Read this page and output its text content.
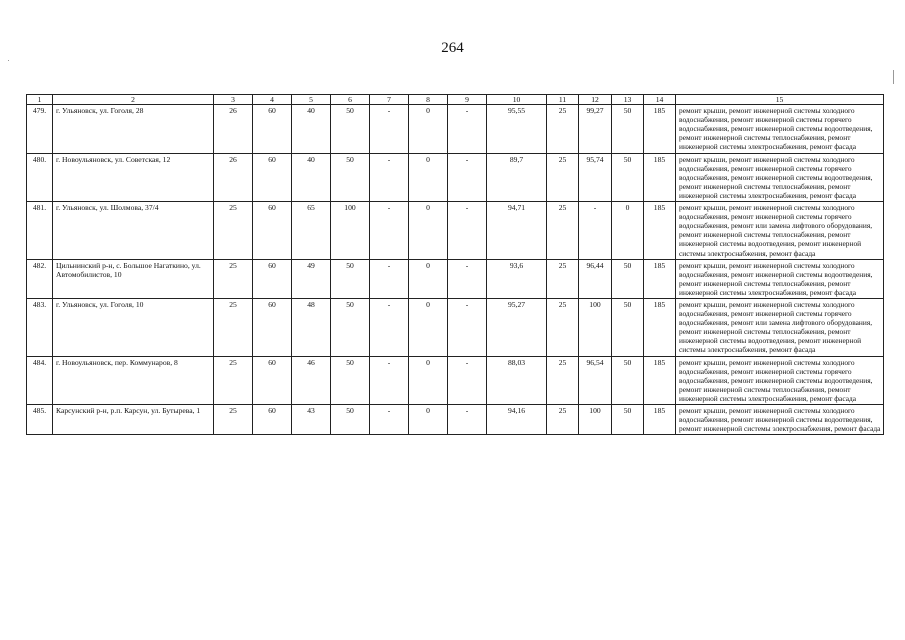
264
1	2	3	4	5	6	7	8	9	10	11	12	13	14	15
479.	г. Ульяновск, ул. Гоголя, 28	26	60	40	50	-	0	-	95,55	25	99,27	50	185	ремонт крыши, ремонт инженерной системы холодного водоснабжения, ремонт инженерной системы горячего водоснабжения, ремонт инженерной системы водоотведения, ремонт инженерной системы теплоснабжения, ремонт инженерной системы электроснабжения, ремонт фасада
480.	г. Новоульяновск, ул. Советская, 12	26	60	40	50	-	0	-	89,7	25	95,74	50	185	ремонт крыши, ремонт инженерной системы холодного водоснабжения, ремонт инженерной системы горячего водоснабжения, ремонт инженерной системы водоотведения, ремонт инженерной системы теплоснабжения, ремонт инженерной системы электроснабжения, ремонт фасада
481.	г. Ульяновск, ул. Шолмова, 37/4	25	60	65	100	-	0	-	94,71	25	-	0	185	ремонт крыши, ремонт инженерной системы холодного водоснабжения, ремонт инженерной системы горячего водоснабжения, ремонт или замена лифтового оборудования, ремонт инженерной системы теплоснабжения, ремонт инженерной системы водоотведения, ремонт инженерной системы электроснабжения, ремонт фасада
482.	Цильнинский р-н, с. Большое Нагаткино, ул. Автомобилистов, 10	25	60	49	50	-	0	-	93,6	25	96,44	50	185	ремонт крыши, ремонт инженерной системы холодного водоснабжения, ремонт инженерной системы водоотведения, ремонт инженерной системы теплоснабжения, ремонт инженерной системы электроснабжения, ремонт фасада
483.	г. Ульяновск, ул. Гоголя, 10	25	60	48	50	-	0	-	95,27	25	100	50	185	ремонт крыши, ремонт инженерной системы холодного водоснабжения, ремонт инженерной системы горячего водоснабжения, ремонт или замена лифтового оборудования, ремонт инженерной системы теплоснабжения, ремонт инженерной системы водоотведения, ремонт инженерной системы электроснабжения, ремонт фасада
484.	г. Новоульяновск, пер. Коммунаров, 8	25	60	46	50	-	0	-	88,03	25	96,54	50	185	ремонт крыши, ремонт инженерной системы холодного водоснабжения, ремонт инженерной системы горячего водоснабжения, ремонт инженерной системы водоотведения, ремонт инженерной системы теплоснабжения, ремонт инженерной системы электроснабжения, ремонт фасада
485.	Карсунский р-н, р.п. Карсун, ул. Бутырева, 1	25	60	43	50	-	0	-	94,16	25	100	50	185	ремонт крыши, ремонт инженерной системы холодного водоснабжения, ремонт инженерной системы водоотведения, ремонт инженерной системы электроснабжения, ремонт фасада
